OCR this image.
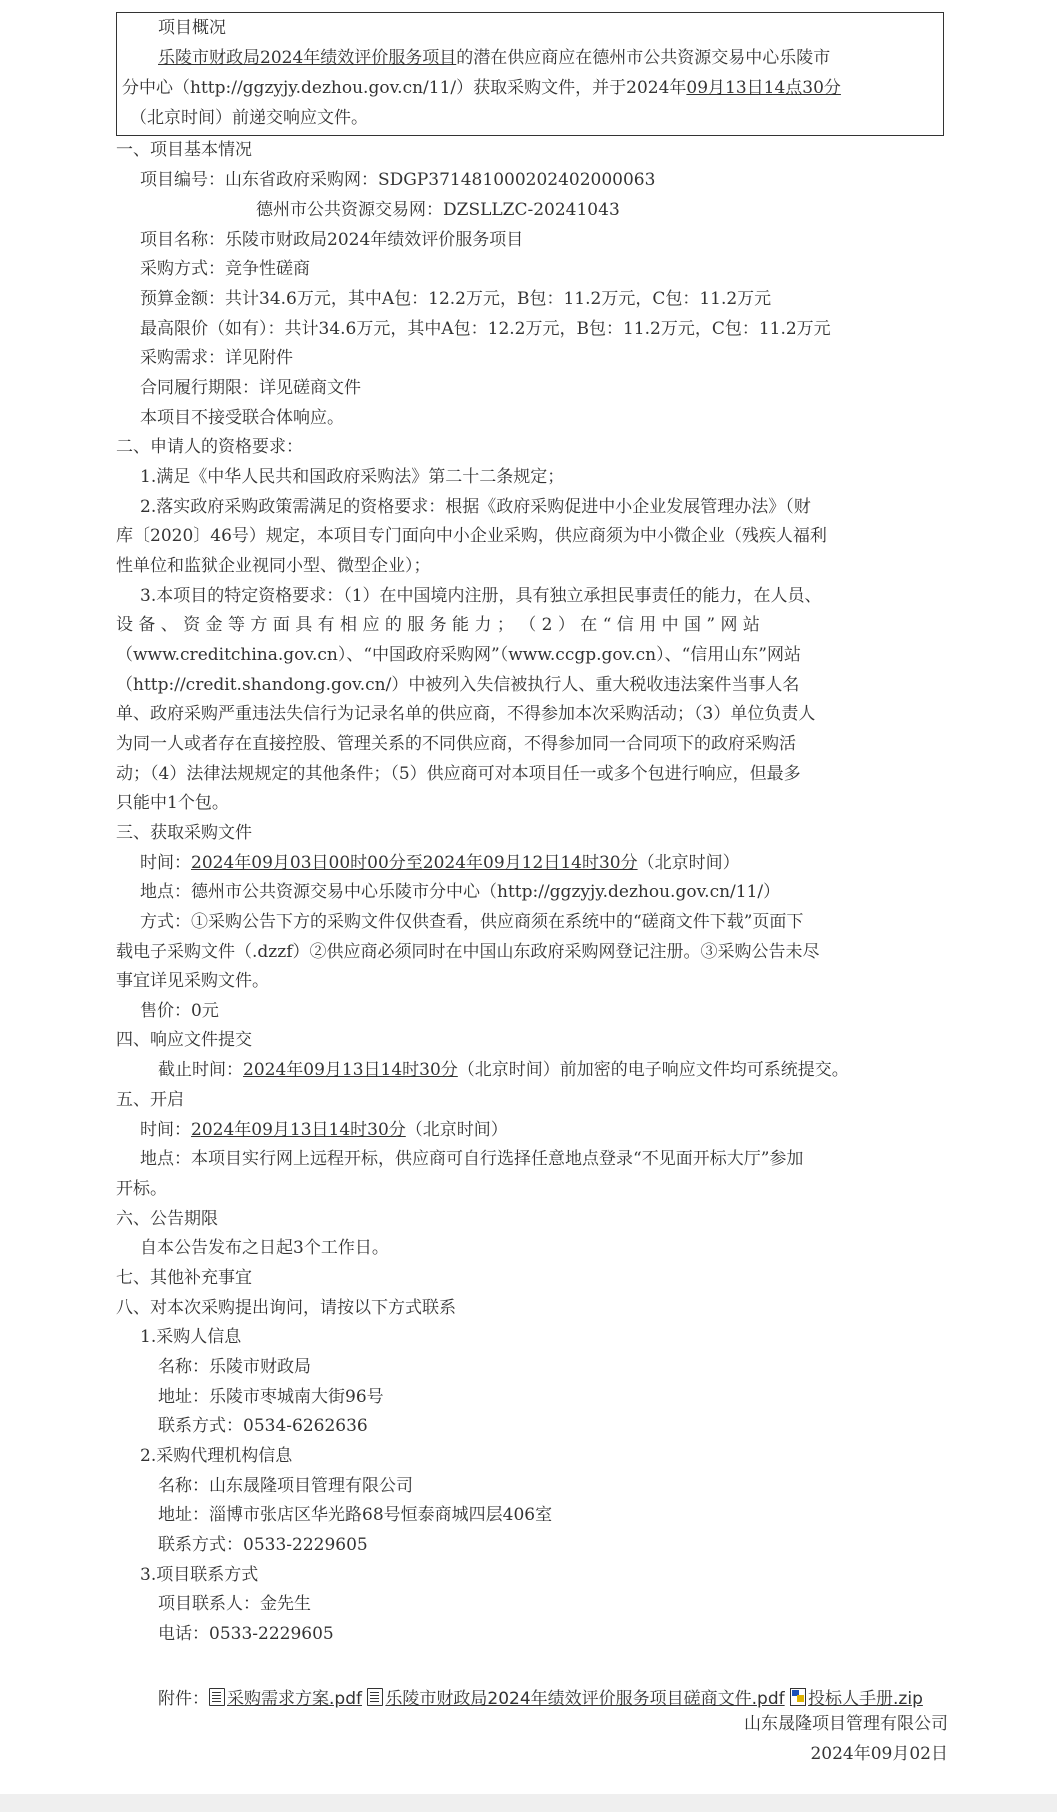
项目概况
乐陵市财政局2024年绩效评价服务项目的潜在供应商应在德州市公共资源交易中心乐陵市
分中心（http://ggzyjy.dezhou.gov.cn/11/）获取采购文件，并于2024年09月13日14点30分
（北京时间）前递交响应文件。
一、项目基本情况
项目编号：山东省政府采购网：SDGP371481000202402000063
德州市公共资源交易网：DZSLLZC-20241043
项目名称：乐陵市财政局2024年绩效评价服务项目
采购方式：竞争性磋商
预算金额：共计34.6万元，其中A包：12.2万元，B包：11.2万元，C包：11.2万元
最高限价（如有）：共计34.6万元，其中A包：12.2万元，B包：11.2万元，C包：11.2万元
采购需求：详见附件
合同履行期限：详见磋商文件
本项目不接受联合体响应。
二、申请人的资格要求：
1.满足《中华人民共和国政府采购法》第二十二条规定；
2.落实政府采购政策需满足的资格要求：根据《政府采购促进中小企业发展管理办法》（财
库〔2020〕46号）规定，本项目专门面向中小企业采购，供应商须为中小微企业（残疾人福利
性单位和监狱企业视同小型、微型企业）；
3.本项目的特定资格要求：（1）在中国境内注册，具有独立承担民事责任的能力，在人员、
设 备 、 资 金 等 方 面 具 有 相 应 的 服 务 能 力 ； （ 2 ） 在 “ 信 用 中 国 ” 网 站
（www.creditchina.gov.cn）、“中国政府采购网”（www.ccgp.gov.cn）、“信用山东”网站
（http://credit.shandong.gov.cn/）中被列入失信被执行人、重大税收违法案件当事人名
单、政府采购严重违法失信行为记录名单的供应商，不得参加本次采购活动；（3）单位负责人
为同一人或者存在直接控股、管理关系的不同供应商，不得参加同一合同项下的政府采购活
动；（4）法律法规规定的其他条件；（5）供应商可对本项目任一或多个包进行响应，但最多
只能中1个包。
三、获取采购文件
时间：2024年09月03日00时00分至2024年09月12日14时30分（北京时间）
地点：德州市公共资源交易中心乐陵市分中心（http://ggzyjy.dezhou.gov.cn/11/）
方式：①采购公告下方的采购文件仅供查看，供应商须在系统中的“磋商文件下载”页面下
载电子采购文件（.dzzf）②供应商必须同时在中国山东政府采购网登记注册。③采购公告未尽
事宜详见采购文件。
售价：0元
四、响应文件提交
截止时间：2024年09月13日14时30分（北京时间）前加密的电子响应文件均可系统提交。
五、开启
时间：2024年09月13日14时30分（北京时间）
地点：本项目实行网上远程开标，供应商可自行选择任意地点登录“不见面开标大厅”参加
开标。
六、公告期限
自本公告发布之日起3个工作日。
七、其他补充事宜
八、对本次采购提出询问，请按以下方式联系
1.采购人信息
名称：乐陵市财政局
地址：乐陵市枣城南大街96号
联系方式：0534-6262636
2.采购代理机构信息
名称：山东晟隆项目管理有限公司
地址：淄博市张店区华光路68号恒泰商城四层406室
联系方式：0533-2229605
3.项目联系方式
项目联系人：金先生
电话：0533-2229605
山东晟隆项目管理有限公司
2024年09月02日
附件： 采购需求方案.pdf 乐陵市财政局2024年绩效评价服务项目磋商文件.pdf 投标人手册.zip
